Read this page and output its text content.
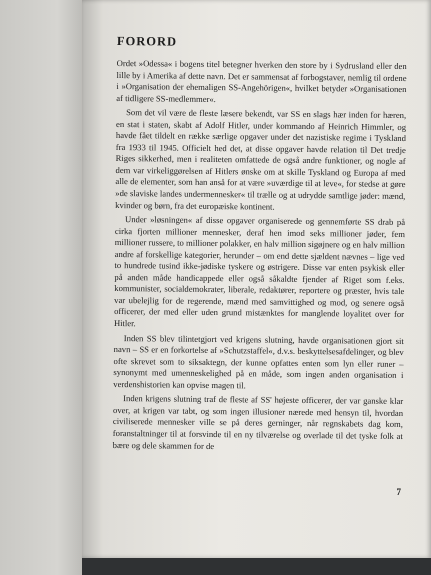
FORORD

Ordet »Odessa« i bogens titel betegner hverken den store by i Sydrusland eller den lille by i Amerika af dette navn. Det er sammensat af forbogstaver, nemlig til ordene i »Organisation der ehemaligen SS-Angehörigen«, hvilket betyder »Organisationen af tidligere SS-medlemmer«.

Som det vil være de fleste læsere bekendt, var SS en slags hær inden for hæren, en stat i staten, skabt af Adolf Hitler, under kommando af Heinrich Himmler, og havde fået tildelt en række særlige opgaver under det nazistiske regime i Tyskland fra 1933 til 1945. Officielt hed det, at disse opgaver havde relation til Det tredje Riges sikkerhed, men i realiteten omfattede de også andre funktioner, og nogle af dem var virkeliggørelsen af Hitlers ønske om at skille Tyskland og Europa af med alle de elementer, som han anså for at være »uværdige til at leve«, for stedse at gøre »de slaviske landes undermennesker« til trælle og at udrydde samtlige jøder: mænd, kvinder og børn, fra det europæiske kontinent.

Under »løsningen« af disse opgaver organiserede og gennemførte SS drab på cirka fjorten millioner mennesker, deraf hen imod seks millioner jøder, fem millioner russere, to millioner polakker, en halv million sigøjnere og en halv million andre af forskellige kategorier, herunder – om end dette sjældent nævnes – lige ved to hundrede tusind ikke-jødiske tyskere og østrigere. Disse var enten psykisk eller på anden måde handicappede eller også såkaldte fjender af Riget som f.eks. kommunister, socialdemokrater, liberale, redaktører, reportere og præster, hvis tale var ubelejlig for de regerende, mænd med samvittighed og mod, og senere også officerer, der med eller uden grund mistænktes for manglende loyalitet over for Hitler.

Inden SS blev tilintetgjort ved krigens slutning, havde organisationen gjort sit navn – SS er en forkortelse af »Schutzstaffel«, d.v.s. beskyttelsesafdelinger, og blev ofte skrevet som to siksaktegn, der kunne opfattes enten som lyn eller runer – synonymt med umenneskelighed på en måde, som ingen anden organisation i verdenshistorien kan opvise magen til.

Inden krigens slutning traf de fleste af SS' højeste officerer, der var ganske klar over, at krigen var tabt, og som ingen illusioner nærede med hensyn til, hvordan civiliserede mennesker ville se på deres gerninger, når regnskabets dag kom, foranstaltninger til at forsvinde til en ny tilværelse og overlade til det tyske folk at bære og dele skammen for de

7
